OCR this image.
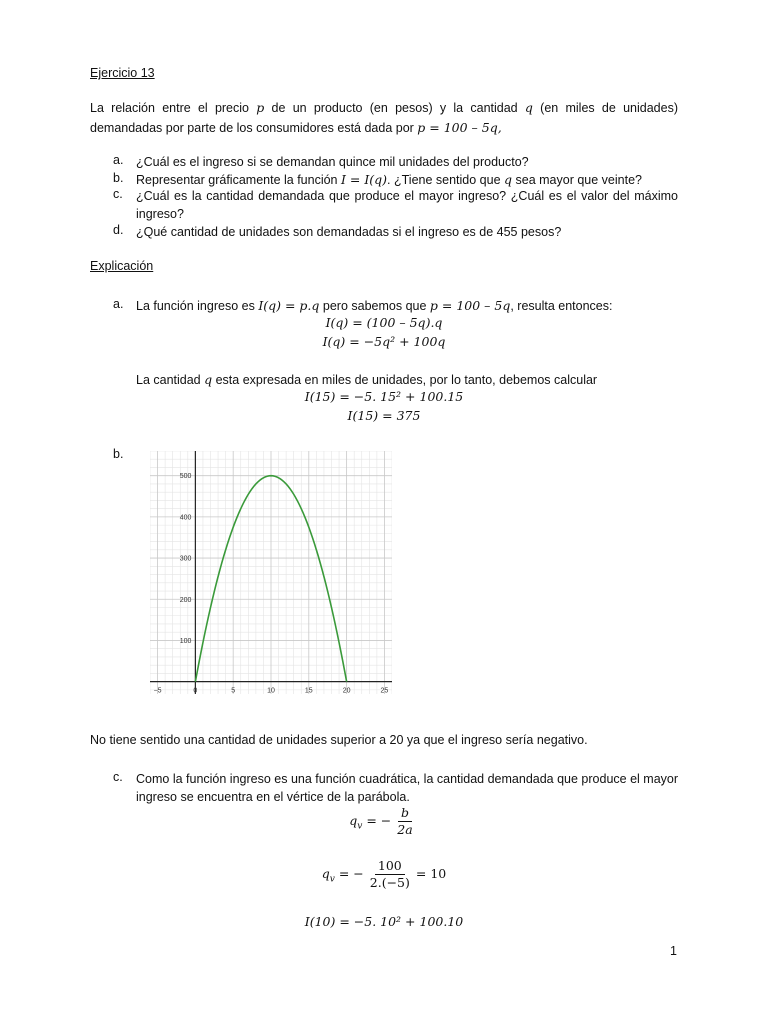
Ejercicio 13
La relación entre el precio p de un producto (en pesos) y la cantidad q (en miles de unidades) demandadas por parte de los consumidores está dada por p = 100 – 5q,
a.	¿Cuál es el ingreso si se demandan quince mil unidades del producto?
b.	Representar gráficamente la función I = I(q). ¿Tiene sentido que q sea mayor que veinte?
c.	¿Cuál es la cantidad demandada que produce el mayor ingreso? ¿Cuál es el valor del máximo ingreso?
d.	¿Qué cantidad de unidades son demandadas si el ingreso es de 455 pesos?
Explicación
a.	La función ingreso es I(q) = p.q pero sabemos que p = 100 – 5q, resulta entonces:
I(q) = (100 – 5q).q
I(q) = −5q² + 100q
La cantidad q esta expresada en miles de unidades, por lo tanto, debemos calcular
I(15) = −5. 15² + 100.15
I(15) = 375
b.
−5	0	5	10	15	20	25
100
200
300
400
500
No tiene sentido una cantidad de unidades superior a 20 ya que el ingreso sería negativo.
c.	Como la función ingreso es una función cuadrática, la cantidad demandada que produce el mayor ingreso se encuentra en el vértice de la parábola.
$q_v$ = − $\frac{b}{2a}$
$q_v$ = − $\frac{100}{2.(-5)} = 10$
I(10) = −5. 10² + 100.10
1
